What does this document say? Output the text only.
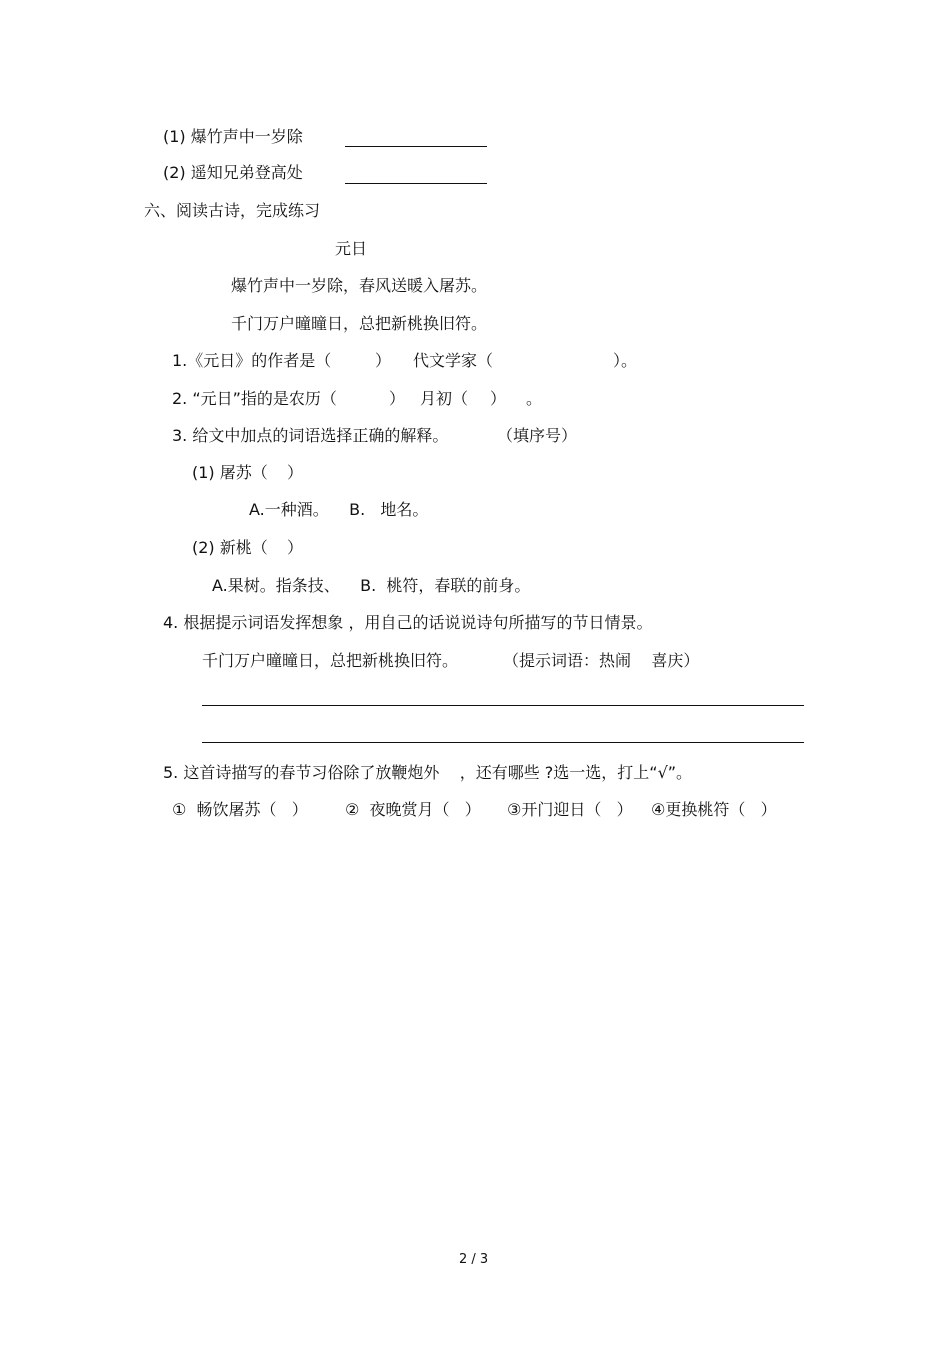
(1) 爆竹声中一岁除
(2) 遥知兄弟登高处
六、阅读古诗，完成练习
元日
爆竹声中一岁除，春风送暖入屠苏。
千门万户曈曈日，总把新桃换旧符。
1.《元日》的作者是（	） 代文学家（	）。
2. “元日”指的是农历（	） 月初（ ） 。
3. 给文中加点的词语选择正确的解释。	（填序号）
(1) 屠苏（ ）
A.一种酒。    B.   地名。
(2) 新桃（ ）
A.果树。指条技、    B.  桃符，春联的前身。
4. 根据提示词语发挥想象 ，用自己的话说说诗句所描写的节日情景。
千门万户曈曈日，总把新桃换旧符。	（提示词语：热闹    喜庆）
5. 这首诗描写的春节习俗除了放鞭炮外    ，还有哪些 ?选一选，打上“√”。
①  畅饮屠苏（   ） ②  夜晚赏月（   ） ③开门迎日（   ） ④更换桃符（   ）
2 / 3
